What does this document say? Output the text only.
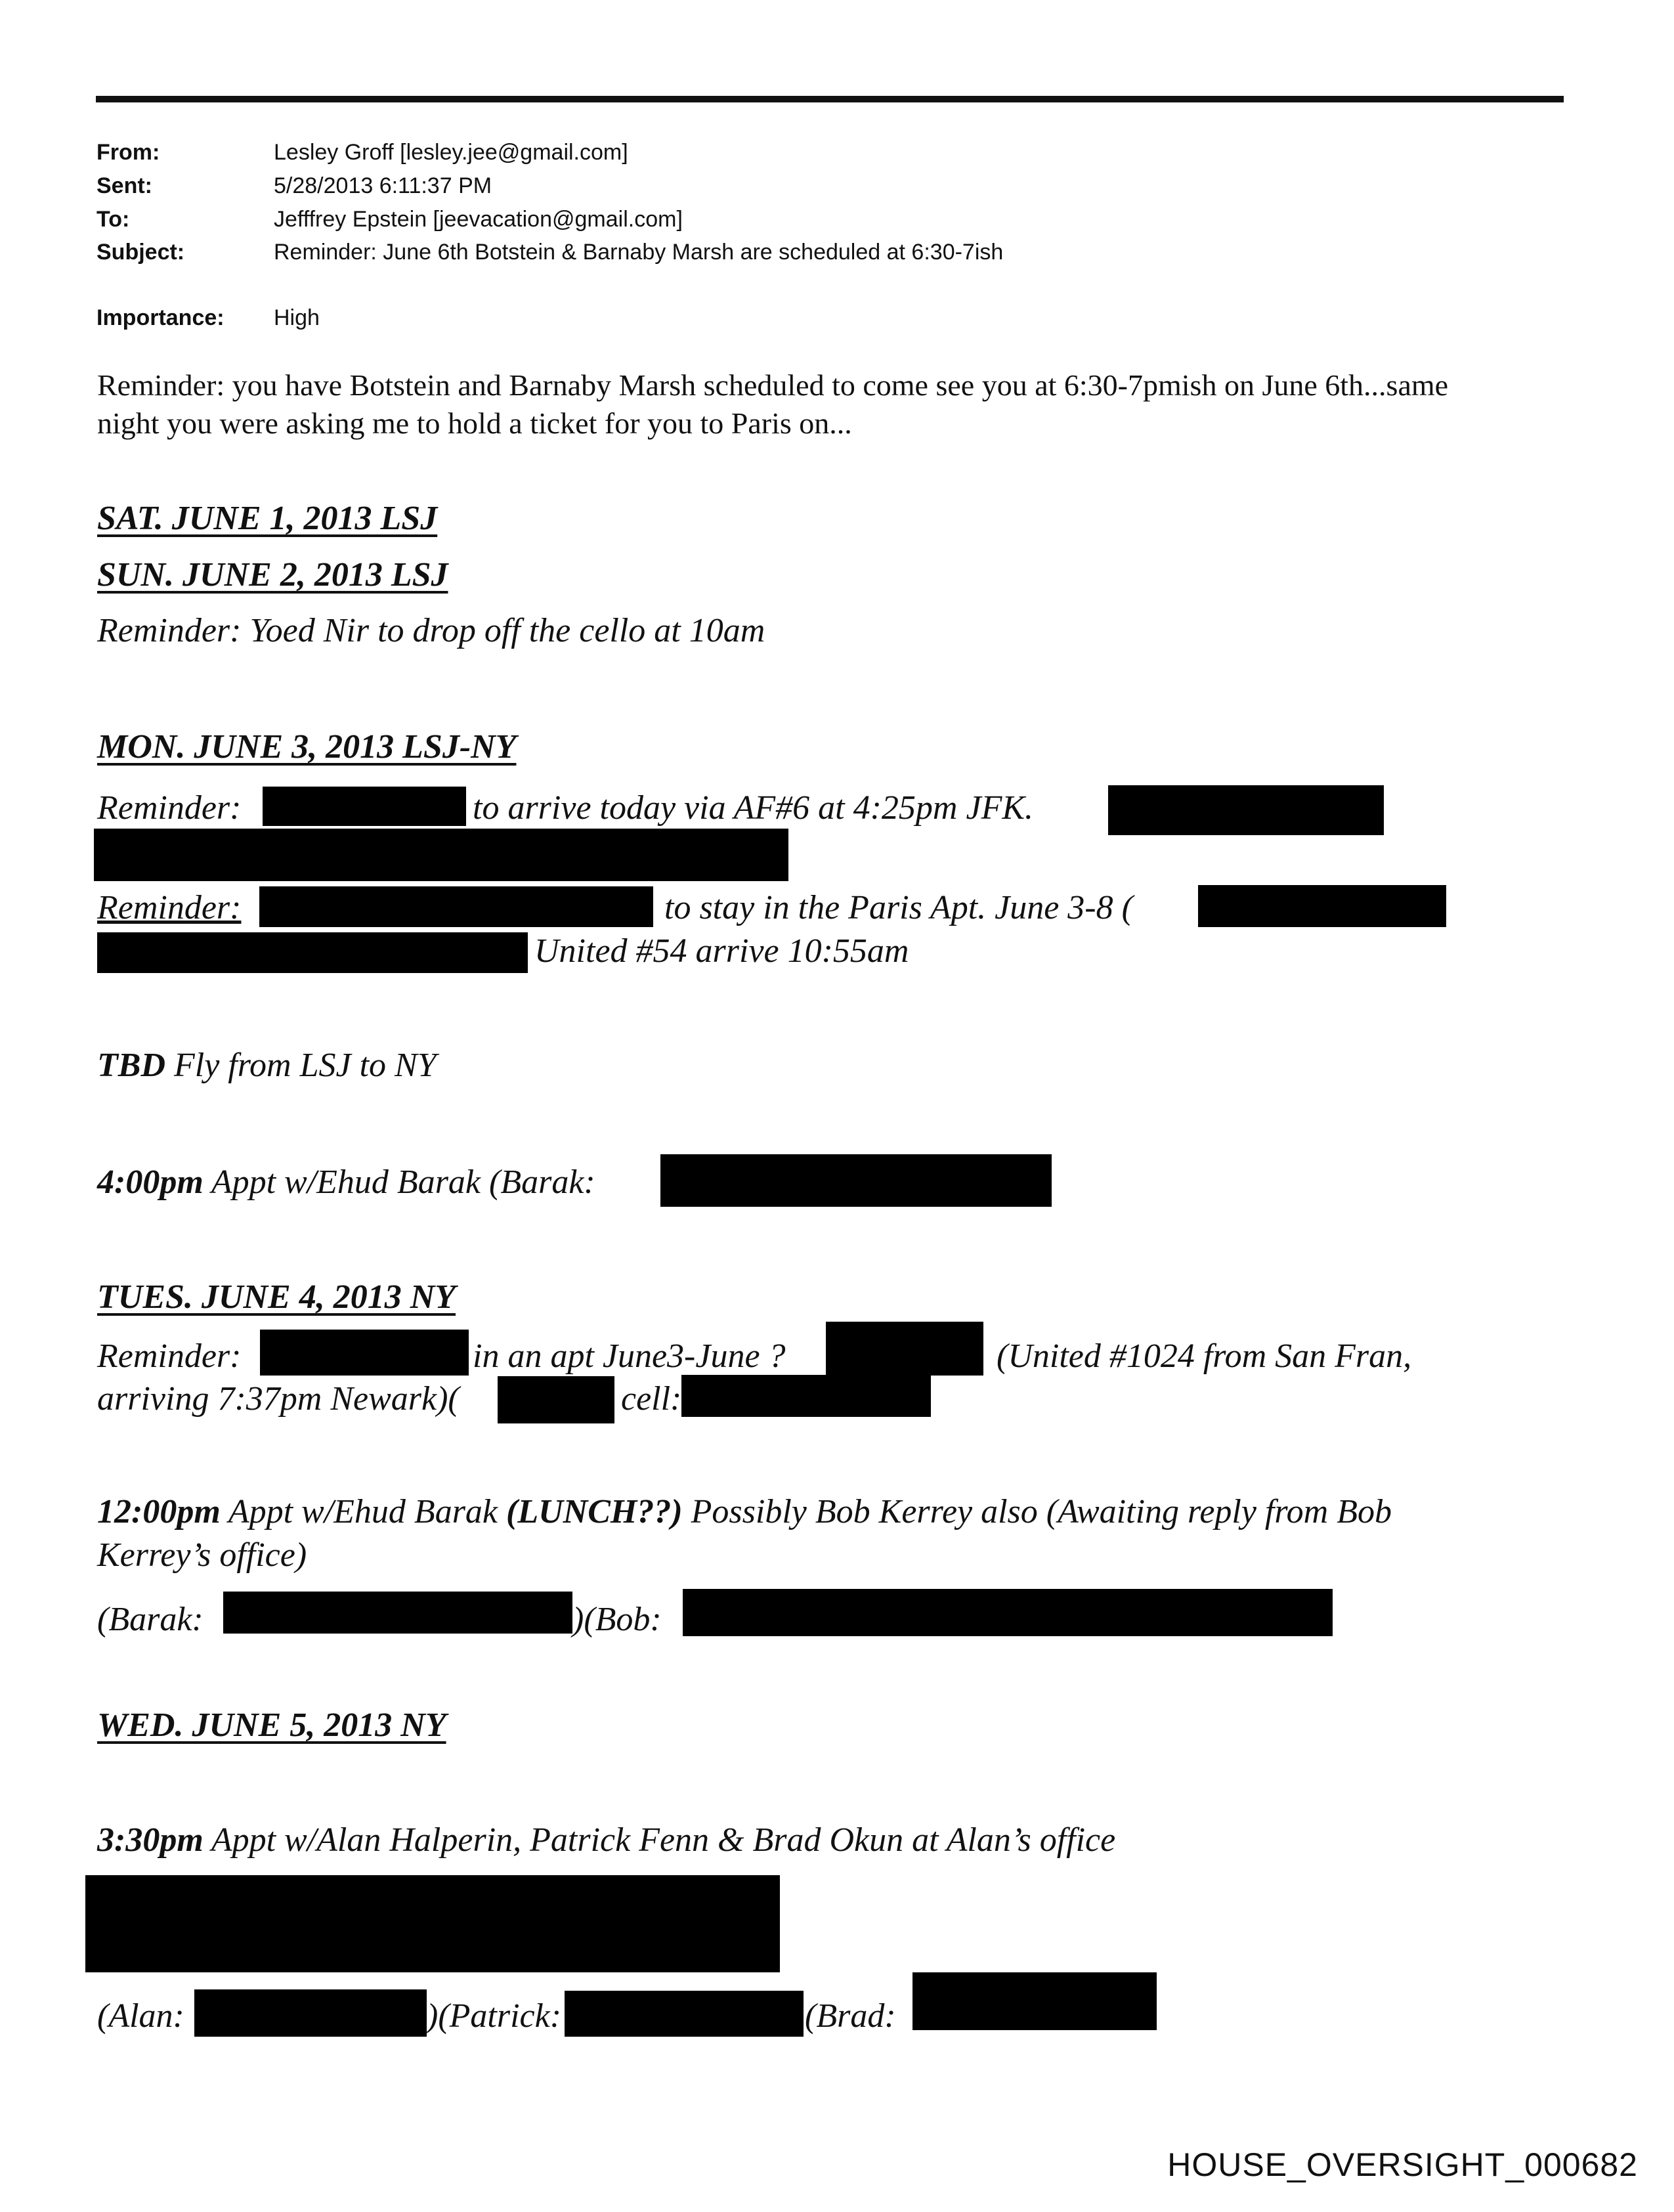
From:	Lesley Groff [lesley.jee@gmail.com]
Sent:	5/28/2013 6:11:37 PM
To:	Jefffrey Epstein [jeevacation@gmail.com]
Subject:	Reminder: June 6th Botstein & Barnaby Marsh are scheduled at 6:30-7ish
Importance: High
Reminder: you have Botstein and Barnaby Marsh scheduled to come see you at 6:30-7pmish on June 6th...same
night you were asking me to hold a ticket for you to Paris on...
SAT. JUNE 1, 2013 LSJ
SUN. JUNE 2, 2013 LSJ
Reminder: Yoed Nir to drop off the cello at 10am
MON. JUNE 3, 2013 LSJ-NY
Reminder:	to arrive today via AF#6 at 4:25pm JFK.
Reminder:	to stay in the Paris Apt. June 3-8 (
United #54 arrive 10:55am
TBD Fly from LSJ to NY
4:00pm Appt w/Ehud Barak (Barak:
TUES. JUNE 4, 2013 NY
Reminder:	in an apt June3-June ?	(United #1024 from San Fran,
arriving 7:37pm Newark)(	cell:
12:00pm Appt w/Ehud Barak (LUNCH??) Possibly Bob Kerrey also (Awaiting reply from Bob
Kerrey’s office)
(Barak:	)(Bob:
WED. JUNE 5, 2013 NY
3:30pm Appt w/Alan Halperin, Patrick Fenn & Brad Okun at Alan’s office
(Alan:	)(Patrick:	(Brad:
HOUSE_OVERSIGHT_000682
